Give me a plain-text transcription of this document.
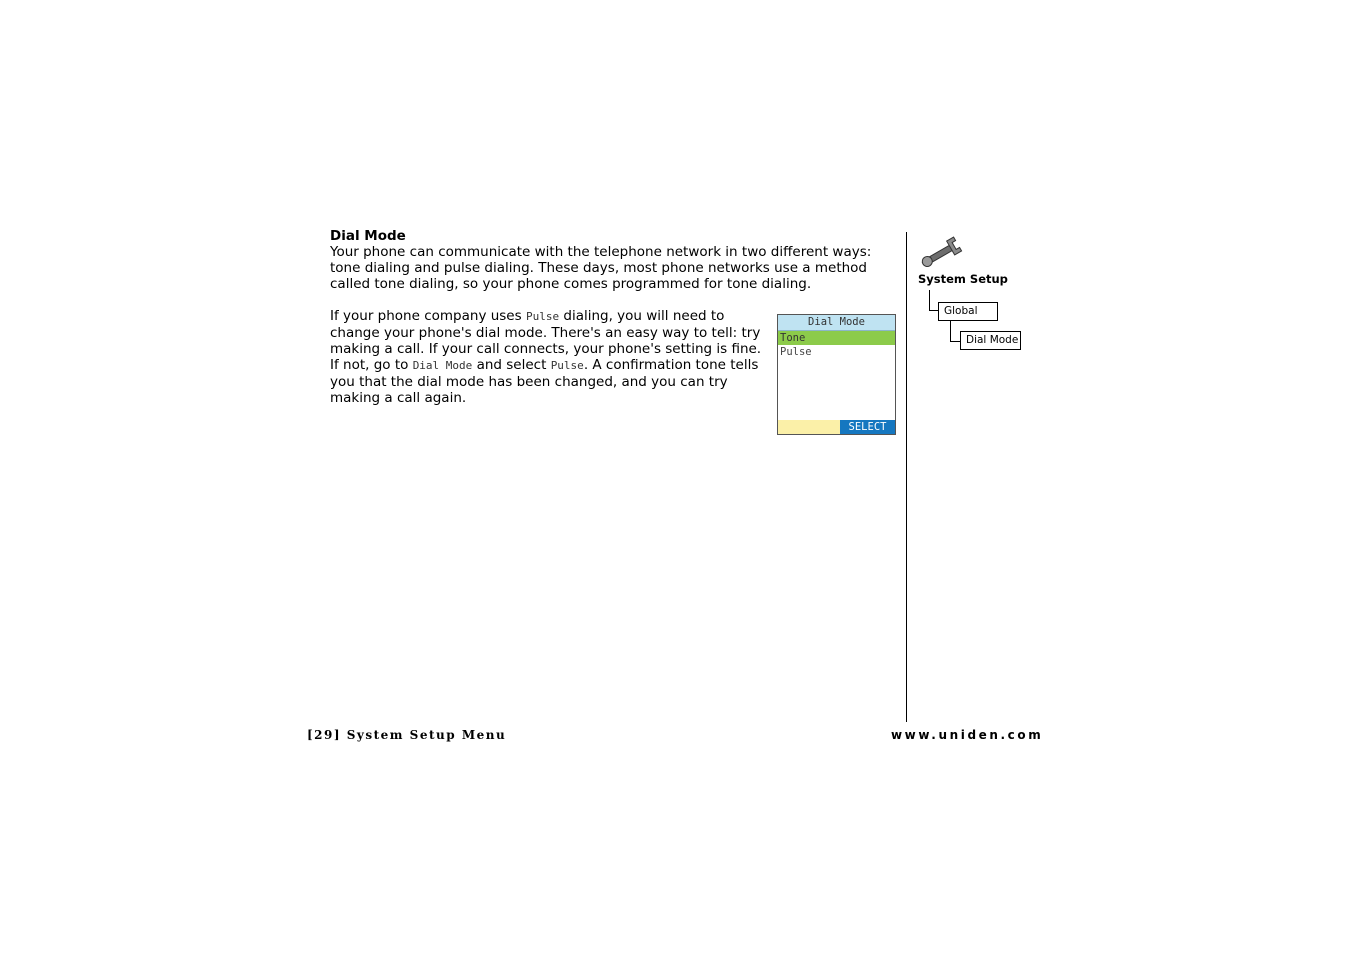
Dial Mode

Your phone can communicate with the telephone network in two different ways: tone dialing and pulse dialing. These days, most phone networks use a method called tone dialing, so your phone comes programmed for tone dialing.

If your phone company uses Pulse dialing, you will need to change your phone's dial mode. There's an easy way to tell: try making a call. If your call connects, your phone's setting is fine. If not, go to Dial Mode and select Pulse. A confirmation tone tells you that the dial mode has been changed, and you can try making a call again.

Dial Mode
Tone
Pulse
SELECT
System Setup
Global
Dial Mode
[29] System Setup Menu	www.uniden.com
